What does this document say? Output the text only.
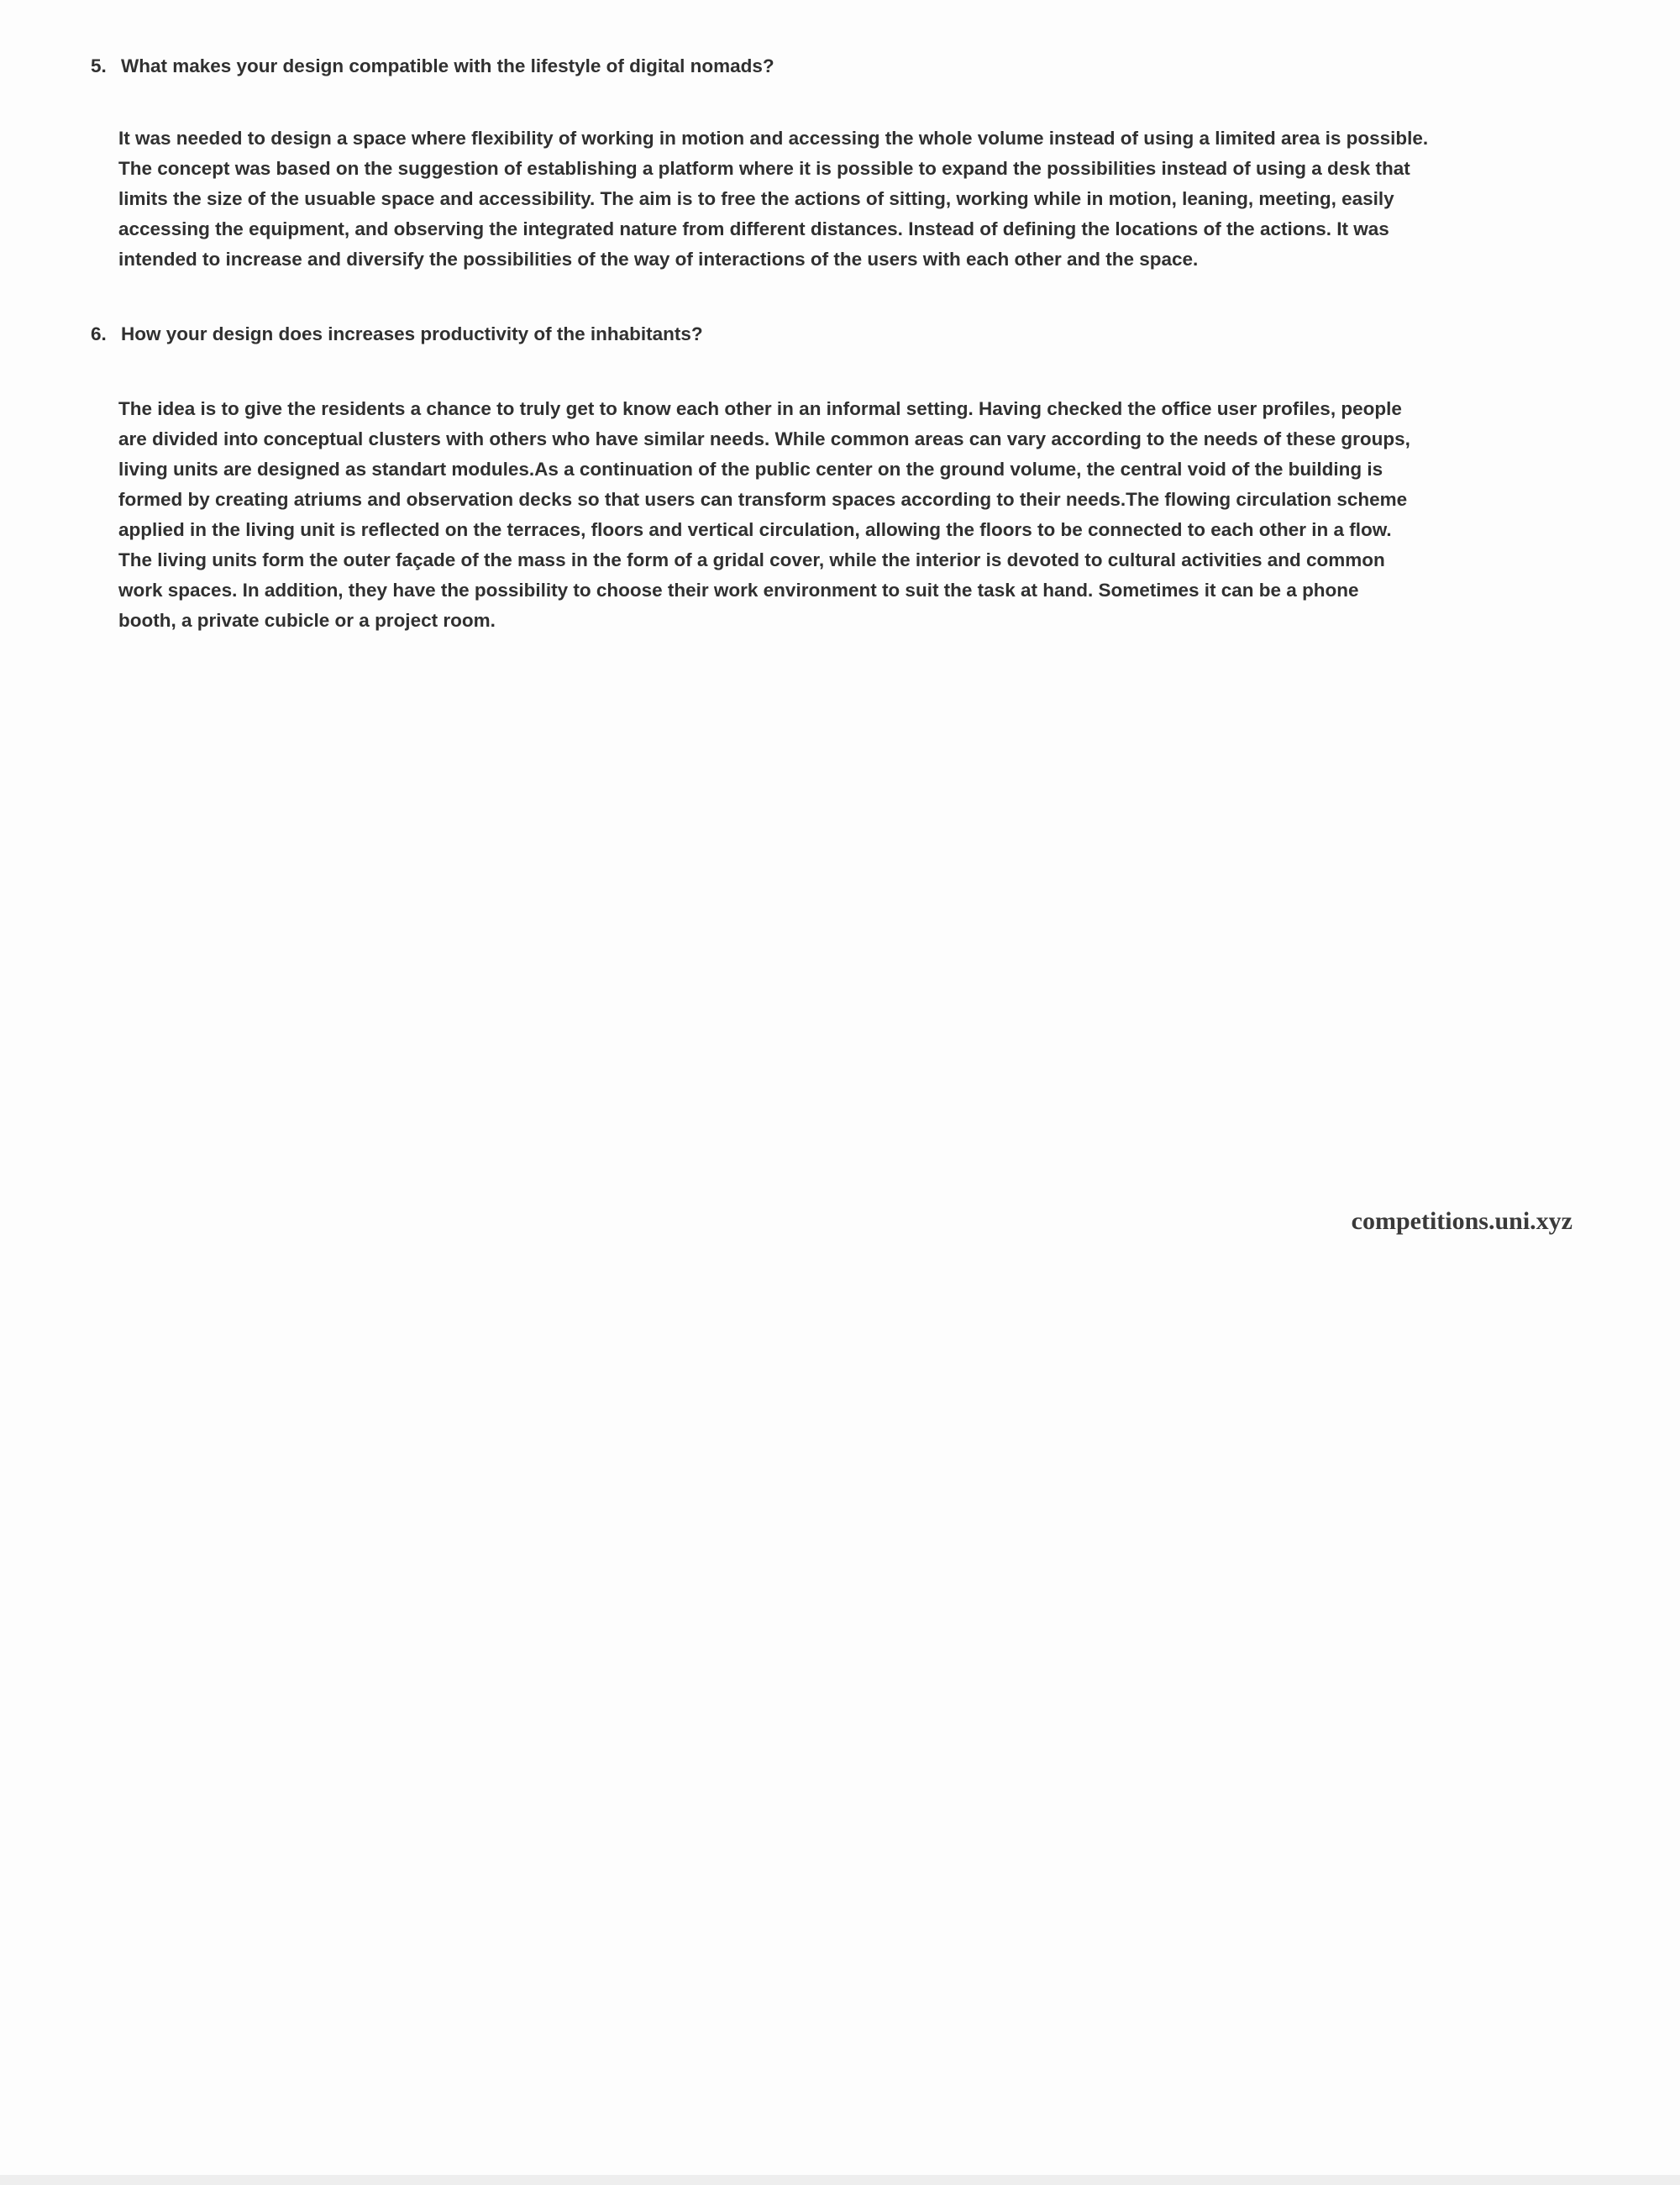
5. What makes your design compatible with the lifestyle of digital nomads?

It was needed to design a space where flexibility of working in motion and accessing the whole volume instead of using a limited area is possible.
The concept was based on the suggestion of establishing a platform where it is possible to expand the possibilities instead of using a desk that
limits the size of the usuable space and accessibility. The aim is to free the actions of sitting, working while in motion, leaning, meeting, easily
accessing the equipment, and observing the integrated nature from different distances. Instead of defining the locations of the actions. It was
intended to increase and diversify the possibilities of the way of interactions of the users with each other and the space.

6. How your design does increases productivity of the inhabitants?

The idea is to give the residents a chance to truly get to know each other in an informal setting. Having checked the office user profiles, people
are divided into conceptual clusters with others who have similar needs. While common areas can vary according to the needs of these groups,
living units are designed as standart modules.As a continuation of the public center on the ground volume, the central void of the building is
formed by creating atriums and observation decks so that users can transform spaces according to their needs.The flowing circulation scheme
applied in the living unit is reflected on the terraces, floors and vertical circulation, allowing the floors to be connected to each other in a flow.
The living units form the outer façade of the mass in the form of a gridal cover, while the interior is devoted to cultural activities and common
work spaces. In addition, they have the possibility to choose their work environment to suit the task at hand. Sometimes it can be a phone
booth, a private cubicle or a project room.

competitions.uni.xyz
